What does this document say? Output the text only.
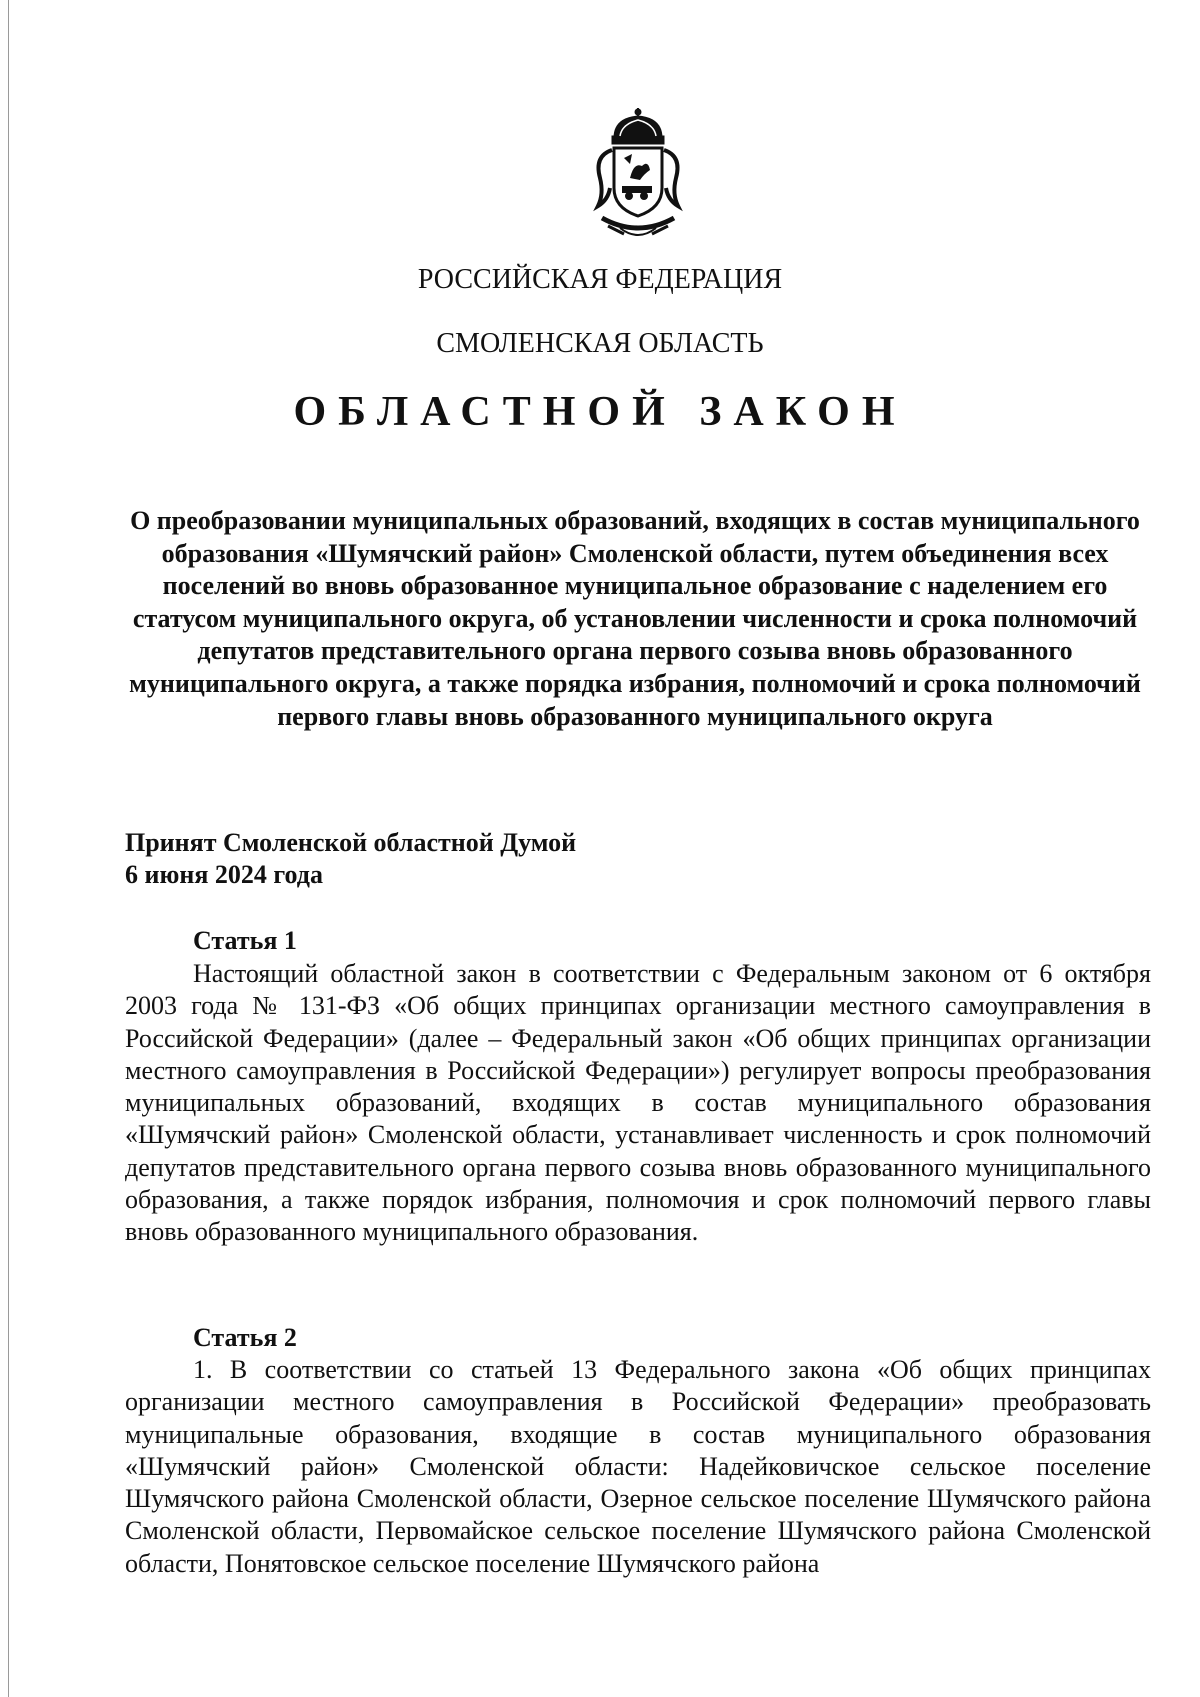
РОССИЙСКАЯ ФЕДЕРАЦИЯ
СМОЛЕНСКАЯ ОБЛАСТЬ
ОБЛАСТНОЙ ЗАКОН
О преобразовании муниципальных образований, входящих в состав муниципального образования «Шумячский район» Смоленской области, путем объединения всех поселений во вновь образованное муниципальное образование с наделением его статусом муниципального округа, об установлении численности и срока полномочий депутатов представительного органа первого созыва вновь образованного муниципального округа, а также порядка избрания, полномочий и срока полномочий первого главы вновь образованного муниципального округа
Принят Смоленской областной Думой
6 июня 2024 года
Статья 1
Настоящий областной закон в соответствии с Федеральным законом от 6 октября 2003 года № 131-ФЗ «Об общих принципах организации местного самоуправления в Российской Федерации» (далее – Федеральный закон «Об общих принципах организации местного самоуправления в Российской Федерации») регулирует вопросы преобразования муниципальных образований, входящих в состав муниципального образования «Шумячский район» Смоленской области, устанавливает численность и срок полномочий депутатов представительного органа первого созыва вновь образованного муниципального образования, а также порядок избрания, полномочия и срок полномочий первого главы вновь образованного муниципального образования.
Статья 2
1. В соответствии со статьей 13 Федерального закона «Об общих принципах организации местного самоуправления в Российской Федерации» преобразовать муниципальные образования, входящие в состав муниципального образования «Шумячский район» Смоленской области: Надейковичское сельское поселение Шумячского района Смоленской области, Озерное сельское поселение Шумячского района Смоленской области, Первомайское сельское поселение Шумячского района Смоленской области, Понятовское сельское поселение Шумячского района
